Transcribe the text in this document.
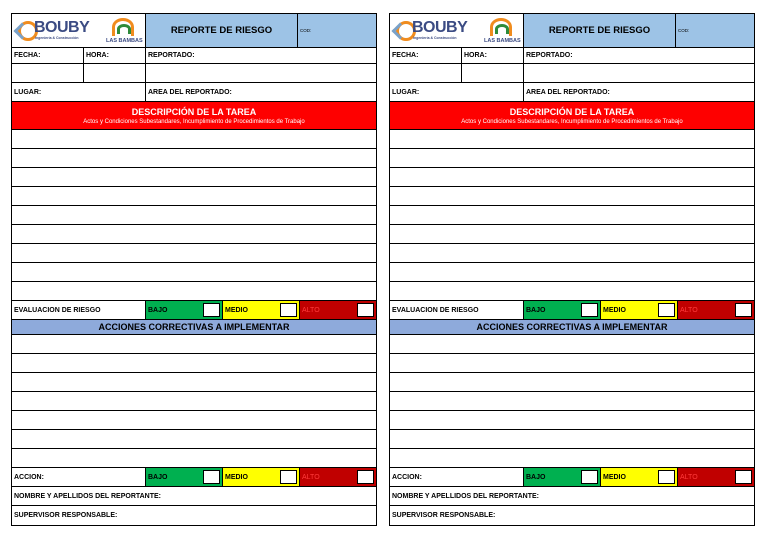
BOUBY
Ingeniería & Construcción	LAS BAMBAS
REPORTE DE RIESGO	COD:
FECHA:	HORA:	REPORTADO:
LUGAR:	AREA DEL REPORTADO:
DESCRIPCIÓN DE LA TAREA
Actos y Condiciones Subestandares, Incumplimiento de Procedimientos de Trabajo
EVALUACION DE RIESGO	BAJO	MEDIO	ALTO
ACCIONES CORRECTIVAS A IMPLEMENTAR
ACCION:	BAJO	MEDIO	ALTO
NOMBRE Y APELLIDOS DEL REPORTANTE:
SUPERVISOR RESPONSABLE:
BOUBY
Ingeniería & Construcción	LAS BAMBAS
REPORTE DE RIESGO	COD:
FECHA:	HORA:	REPORTADO:
LUGAR:	AREA DEL REPORTADO:
DESCRIPCIÓN DE LA TAREA
Actos y Condiciones Subestandares, Incumplimiento de Procedimientos de Trabajo
EVALUACION DE RIESGO	BAJO	MEDIO	ALTO
ACCIONES CORRECTIVAS A IMPLEMENTAR
ACCION:	BAJO	MEDIO	ALTO
NOMBRE Y APELLIDOS DEL REPORTANTE:
SUPERVISOR RESPONSABLE:
